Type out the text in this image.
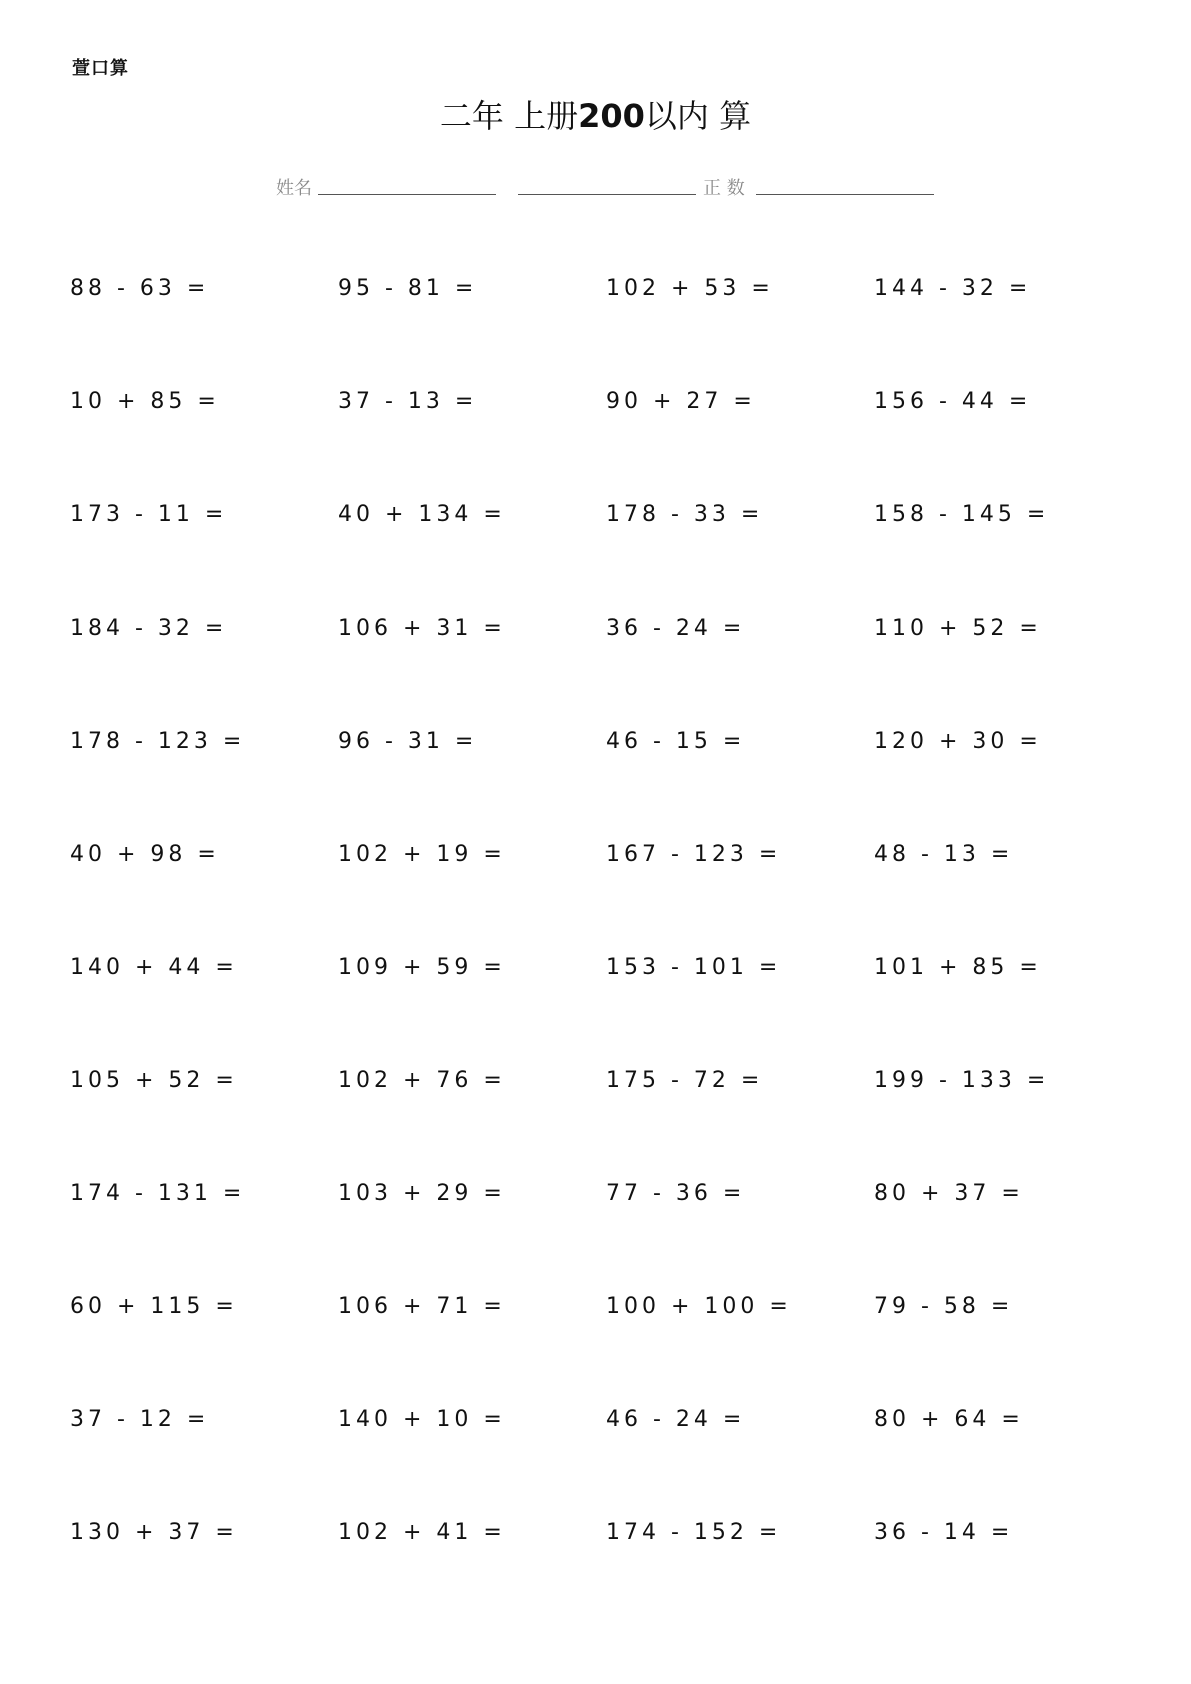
萱口算
二年 上册200以内 算
姓名	正 数
88 - 63 =	95 - 81 =	102 + 53 =	144 - 32 =
10 + 85 =	37 - 13 =	90 + 27 =	156 - 44 =
173 - 11 =	40 + 134 =	178 - 33 =	158 - 145 =
184 - 32 =	106 + 31 =	36 - 24 =	110 + 52 =
178 - 123 =	96 - 31 =	46 - 15 =	120 + 30 =
40 + 98 =	102 + 19 =	167 - 123 =	48 - 13 =
140 + 44 =	109 + 59 =	153 - 101 =	101 + 85 =
105 + 52 =	102 + 76 =	175 - 72 =	199 - 133 =
174 - 131 =	103 + 29 =	77 - 36 =	80 + 37 =
60 + 115 =	106 + 71 =	100 + 100 =	79 - 58 =
37 - 12 =	140 + 10 =	46 - 24 =	80 + 64 =
130 + 37 =	102 + 41 =	174 - 152 =	36 - 14 =
